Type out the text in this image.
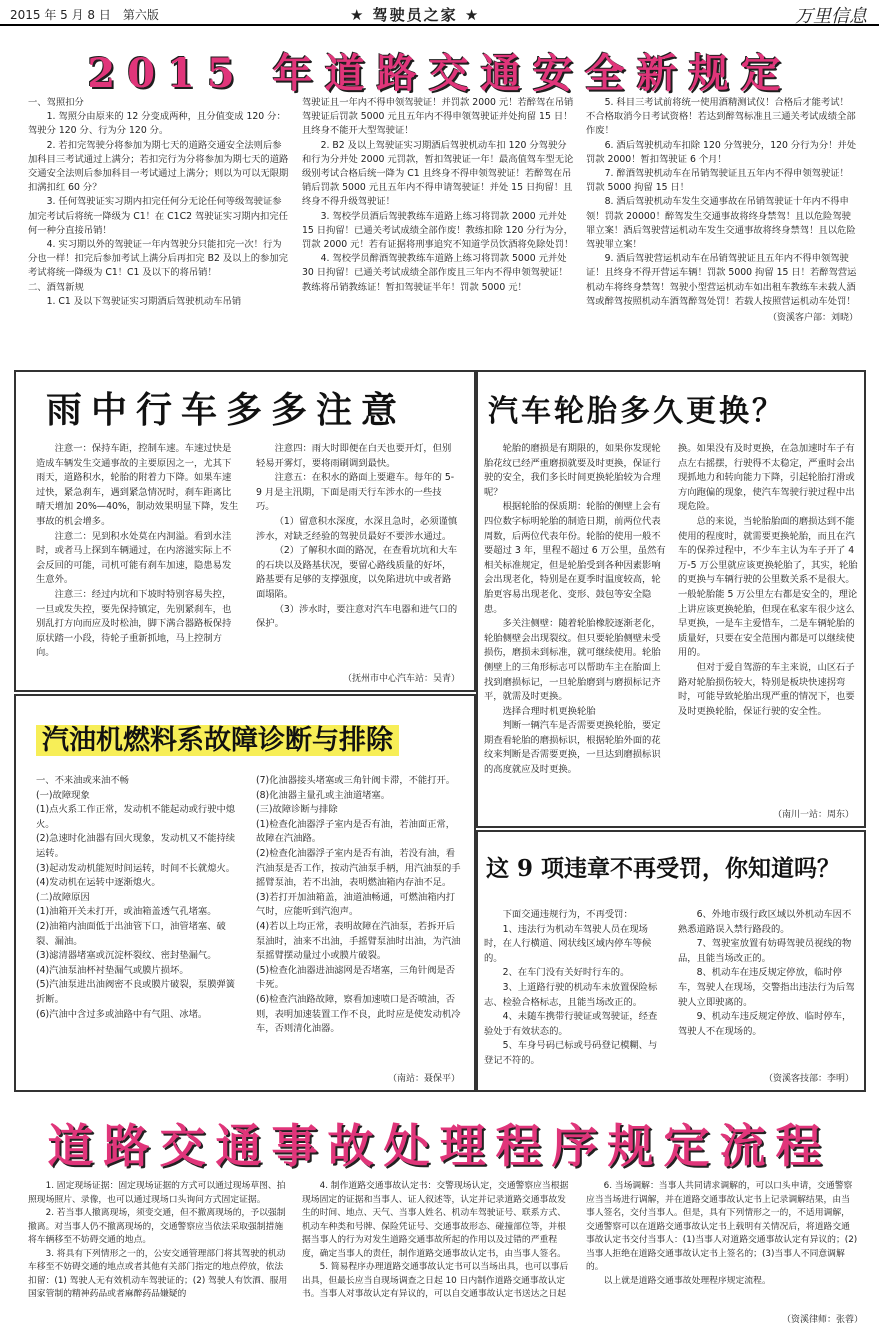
2015 年 5 月 8 日　第六版	★ 驾驶员之家 ★	万里信息
2015 年道路交通安全新规定
一、驾照扣分
1. 驾照分由原来的 12 分变成两种，且分值变成 120 分：驾驶分 120 分、行为分 120 分。
2. 若扣完驾驶分将参加为期七天的道路交通安全法则后参加科目三考试通过上满分；若扣完行为分将参加为期七天的道路交通安全法则后参加科目一考试通过上满分；则以为可以无限期扣满扣红 60 分？
3. 任何驾驶证实习期内扣完任何分无论任何等级驾驶证参加完考试后将统一降级为 C1！在 C1C2 驾驶证实习期内扣完任何一种分直接吊销！
4. 实习期以外的驾驶证一年内驾驶分只能扣完一次！行为分也一样！扣完后参加考试上满分后再扣完 B2 及以上的参加完考试将统一降级为 C1！C1 及以下的将吊销！
二、酒驾新规
1. C1 及以下驾驶证实习期酒后驾驶机动车吊销
驾驶证且一年内不得申领驾驶证！并罚款 2000 元！若醉驾在吊销驾驶证后罚款 5000 元且五年内不得申领驾驶证并处拘留 15 日！且终身不能开大型驾驶证！
2. B2 及以上驾驶证实习期酒后驾驶机动车扣 120 分驾驶分和行为分并处 2000 元罚款，暂扣驾驶证一年！最高值驾车型无论级别考试合格后统一降为 C1 且终身不得申领驾驶证！若醉驾在吊销后罚款 5000 元且五年内不得申请驾驶证！并处 15 日拘留！且终身不得升级驾驶证！
3. 驾校学员酒后驾驶教练车道路上练习将罚款 2000 元并处 15 日拘留！已通关考试成绩全部作废！教练扣除 120 分行为分，罚款 2000 元！若有证据将刑事追究不知道学员饮酒将免除处罚！
4. 驾校学员醉酒驾驶教练车道路上练习将罚款 5000 元并处 30 日拘留！已通关考试成绩全部作废且三年内不得申领驾驶证！教练将吊销教练证！暂扣驾驶证半年！罚款 5000 元！
5. 科目三考试前将统一使用酒精测试仪！合格后才能考试！不合格取消今日考试资格！若达到醉驾标准且三通关考试成绩全部作废！
6. 酒后驾驶机动车扣除 120 分驾驶分，120 分行为分！并处罚款 2000！暂扣驾驶证 6 个月！
7. 醉酒驾驶机动车在吊销驾驶证且五年内不得申领驾驶证！罚款 5000 拘留 15 日！
8. 酒后驾驶机动车发生交通事故在吊销驾驶证十年内不得申领！罚款 20000！醉驾发生交通事故将终身禁驾！且以危险驾驶罪立案！酒后驾驶营运机动车发生交通事故将终身禁驾！且以危险驾驶罪立案！
9. 酒后驾驶营运机动车在吊销驾驶证且五年内不得申领驾驶证！且终身不得开营运车辆！罚款 5000 拘留 15 日！若醉驾营运机动车将终身禁驾！驾驶小型营运机动车如出租车教练车未载人酒驾或醉驾按照机动车酒驾醉驾处罚！若载人按照营运机动车处罚！
（资溪客户部：刘晓）
雨中行车多多注意
注意一：保持车距，控制车速。车速过快是造成车辆发生交通事故的主要原因之一，尤其下雨天，道路积水，轮胎的附着力下降。如果车速过快，紧急刹车，遇到紧急情况时，刹车距离比晴天增加 20%—40%，制动效果明显下降，发生事故的机会增多。
注意二：见到积水处莫在内洞溢。看到水洼时，或者马上探到车辆通过，在内溶滋实际上不会反回的可能，司机可能有刹车加速，隐患易发生意外。
注意三：经过内坑和下坡时特别容易失控，一旦或发失控，要先保持镇定，先别紧刹车，也别乱打方向而应及时松油，脚下满合器路板保持原状踏一小段，待轮子重新抓地，马上控制方向。
注意四：雨大时即便在白天也要开灯，但别轻易开雾灯，要将雨刷调到最快。
注意五：在积水的路面上要避车。每年的 5-9 月是主汛期，下面是雨天行车涉水的一些技巧。
（1）留意积水深度，水深且急时，必须谨慎涉水，对缺乏经验的驾驶员最好不要涉水通过。
（2）了解积水面的路况，在查看坑坑和大车的石块以及路基状况，要留心路线质量的好坏，路基要有足够的支撑强度，以免陷进坑中或者路面塌陷。
（3）涉水时，要注意对汽车电器和进气口的保护。
（抚州市中心汽车站：吴青）
汽车轮胎多久更换？
轮胎的磨损是有期限的，如果你发现轮胎花纹已经严重磨损就要及时更换，保证行驶的安全，我们多长时间更换轮胎较为合理呢？
根据轮胎的保质期：轮胎的侧壁上会有四位数字标明轮胎的制造日期，前两位代表周数，后两位代表年份。轮胎的使用一般不要超过 3 年，里程不超过 6 万公里，虽然有相关标准规定，但是轮胎受到各种因素影响会出现老化，特别是在夏季时温度较高，轮胎更容易出现老化、变形、鼓包等安全隐患。
多关注侧壁：随着轮胎橡胶逐渐老化，轮胎侧壁会出现裂纹。但只要轮胎侧壁未受损伤，磨损未到标准，就可继续使用。轮胎侧壁上的三角形标志可以帮助车主在胎面上找到磨损标记，一旦轮胎磨到与磨损标记齐平，就需及时更换。
选择合理时机更换轮胎
判断一辆汽车是否需要更换轮胎，要定期查看轮胎的磨损标识，根据轮胎外面的花纹来判断是否需要更换，一旦达到磨损标识的高度就应及时更换。
换。如果没有及时更换，在急加速时车子有点左右摇摆，行驶得不太稳定，严重时会出现抓地力和转向能力下降，引起轮胎打滑或方向跑偏的现象，使汽车驾驶行驶过程中出现危险。
总的来说，当轮胎胎面的磨损达到不能使用的程度时，就需要更换轮胎，而且在汽车的保养过程中，不少车主认为车子开了 4 万-5 万公里就应该更换轮胎了，其实，轮胎的更换与车辆行驶的公里数关系不是很大。一般轮胎能 5 万公里左右都是安全的，理论上讲应该更换轮胎，但现在私家车很少这么早更换，一是车主爱惜车，二是车辆轮胎的质量好，只要在安全范围内都是可以继续使用的。
但对于爱自驾游的车主来说，山区石子路对轮胎损伤较大，特别是板块快速拐弯时，可能导致轮胎出现严重的情况下，也要及时更换轮胎，保证行驶的安全性。
（南川一站：周东）
汽油机燃料系故障诊断与排除
一、不来油或来油不畅
(一)故障现象
(1)点火系工作正常，发动机不能起动或行驶中熄火。
(2)急速时化油器有回火现象，发动机又不能持续运转。
(3)起动发动机能短时间运转，时间不长就熄火。
(4)发动机在运转中逐渐熄火。
(二)故障原因
(1)油箱开关未打开，或油箱盖透气孔堵塞。
(2)油箱内油面低于出油管下口，油管堵塞、破裂、漏油。
(3)滤清器堵塞或沉淀杯裂纹、密封垫漏气。
(4)汽油泵油杯衬垫漏气或膜片损坏。
(5)汽油泵进出油阀密不良或膜片破裂，泵膜弹簧折断。
(6)汽油中含过多或油路中有气阻、冰堵。
(7)化油器接头堵塞或三角针阀卡滞，不能打开。
(8)化油器主量孔或主油道堵塞。
(三)故障诊断与排除
(1)检查化油器浮子室内是否有油，若油面正常，故障在汽油路。
(2)检查化油器浮子室内是否有油，若没有油，看汽油泵是否工作，按动汽油泵手柄，用汽油泵的手摇臂泵油，若不出油，表明燃油箱内存油不足。
(3)若打开加油箱盖，油道油畅通，可燃油箱内打气时，应能听到汽泡声。
(4)若以上均正常，表明故障在汽油泵，若拆开后泵油时，油来不出油，手摇臂泵油时出油，为汽油泵摇臂摆动量过小或膜片破裂。
(5)检查化油器进油滤网是否堵塞，三角针阀是否卡死。
(6)检查汽油路故障，察看加速喷口是否喷油，否则，表明加速装置工作不良，此时应是使发动机冷车，否则清化油器。
（南站：聂保平）
这 9 项违章不再受罚，你知道吗？
下面交通违规行为，不再受罚：
1、违法行为机动车驾驶人员在现场时，在人行横道、网状线区域内停车等候的。
2、在车门没有关好时行车的。
3、上道路行驶的机动车未放置保险标志、检验合格标志，且能当场改正的。
4、未随车携带行驶证或驾驶证，经查验处于有效状态的。
5、车身号码已标或号码登记模糊、与登记不符的。
6、外地市级行政区域以外机动车因不熟悉道路误入禁行路段的。
7、驾驶室放置有妨碍驾驶员视线的物品，且能当场改正的。
8、机动车在违反规定停放，临时停车，驾驶人在现场，交警指出违法行为后驾驶人立即驶离的。
9、机动车违反规定停放、临时停车，驾驶人不在现场的。
（资溪客技部：李明）
道路交通事故处理程序规定流程
1. 固定现场证据：固定现场证据的方式可以通过现场草图、拍照现场照片、录像，也可以通过现场口头询问方式固定证据。
2. 若当事人撤离现场，须变交通，但不撤离现场的，予以强制撤离。对当事人仍不撤离现场的，交通警察应当依法采取强制措施将车辆移至不妨碍交通的地点。
3. 将具有下列情形之一的，公安交通管理部门将其驾驶的机动车移至不妨碍交通的地点或者其他有关部门指定的地点停放，依法扣留：(1) 驾驶人无有效机动车驾驶证的；(2) 驾驶人有饮酒、服用国家管制的精神药品或者麻醉药品嫌疑的
4. 制作道路交通事故认定书：交警现场认定，交通警察应当根据现场固定的证据和当事人、证人叙述等，认定并记录道路交通事故发生的时间、地点、天气、当事人姓名、机动车驾驶证号、联系方式、机动车种类和号牌、保险凭证号、交通事故形态、碰撞部位等，并根据当事人的行为对发生道路交通事故所起的作用以及过错的严重程度，确定当事人的责任，制作道路交通事故认定书，由当事人签名。
5. 简易程序办理道路交通事故认定书可以当场出具，也可以事后出具，但最长应当自现场调查之日起 10 日内制作道路交通事故认定书。当事人对事故认定有异议的，可以自交通事故认定书送达之日起
6. 当场调解：当事人共同请求调解的，可以口头申请，交通警察应当当场进行调解，并在道路交通事故认定书上记录调解结果，由当事人签名，交付当事人。但是，具有下列情形之一的，不适用调解，交通警察可以在道路交通事故认定书上载明有关情况后，将道路交通事故认定书交付当事人：(1)当事人对道路交通事故认定有异议的；(2)当事人拒绝在道路交通事故认定书上签名的；(3)当事人不同意调解的。
以上就是道路交通事故处理程序规定流程。
（资溪律师：张蓉）
